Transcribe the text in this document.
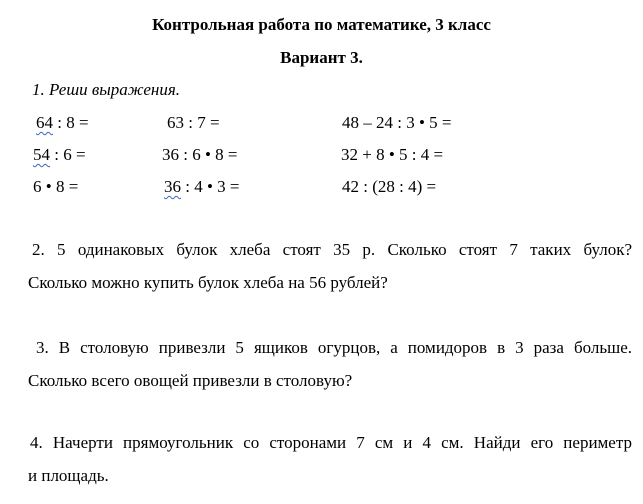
Контрольная работа по математике, 3 класс
Вариант 3.
1. Реши выражения.
64 : 8 =	63 : 7 =	48 – 24 : 3 • 5 =
54 : 6 =	36 : 6 • 8 =	32 + 8 • 5 : 4 =
6 • 8 =	36 : 4 • 3 =	42 : (28 : 4) =
2. 5 одинаковых булок хлеба стоят 35 р. Сколько стоят 7 таких булок?
Сколько можно купить булок хлеба на 56 рублей?
3. В столовую привезли 5 ящиков огурцов, а помидоров в 3 раза больше.
Сколько всего овощей привезли в столовую?
4. Начерти прямоугольник со сторонами 7 см и 4 см. Найди его периметр
и площадь.
